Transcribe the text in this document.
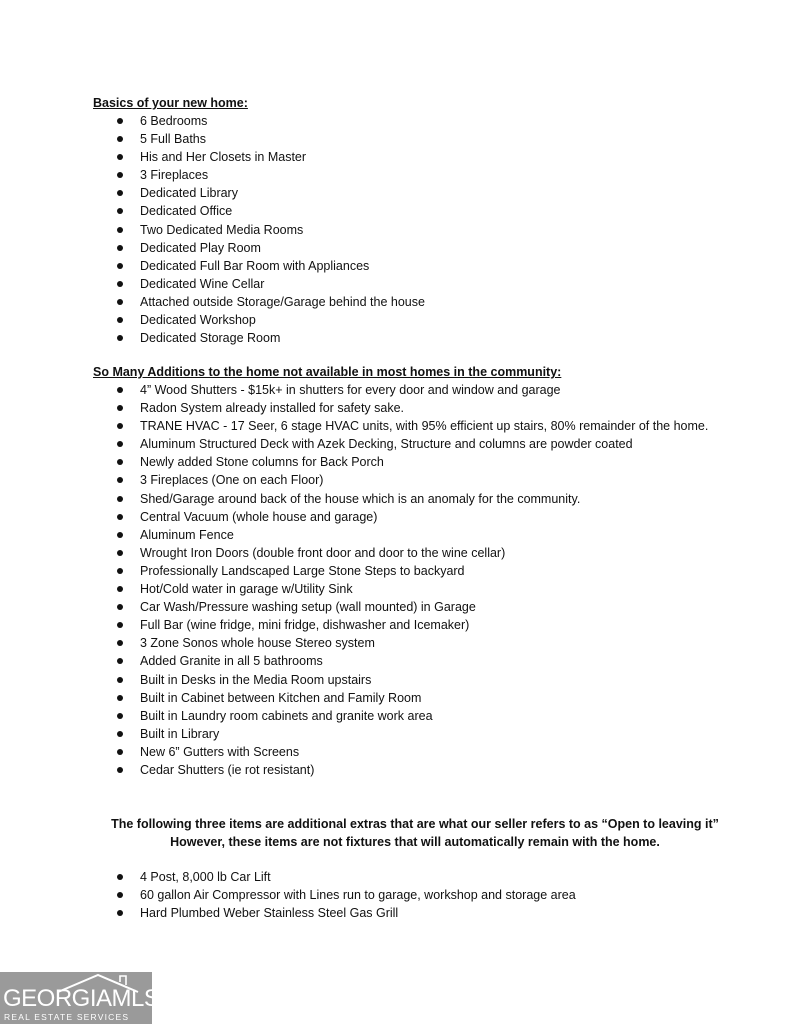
Basics of your new home:

6 Bedrooms
5 Full Baths
His and Her Closets in Master
3 Fireplaces
Dedicated Library
Dedicated Office
Two Dedicated Media Rooms
Dedicated Play Room
Dedicated Full Bar Room with Appliances
Dedicated Wine Cellar
Attached outside Storage/Garage behind the house
Dedicated Workshop
Dedicated Storage Room

So Many Additions to the home not available in most homes in the community:

4” Wood Shutters - $15k+ in shutters for every door and window and garage
Radon System already installed for safety sake.
TRANE HVAC - 17 Seer, 6 stage HVAC units, with 95% efficient up stairs, 80% remainder of the home.
Aluminum Structured Deck with Azek Decking, Structure and columns are powder coated
Newly added Stone columns for Back Porch
3 Fireplaces (One on each Floor)
Shed/Garage around back of the house which is an anomaly for the community.
Central Vacuum (whole house and garage)
Aluminum Fence
Wrought Iron Doors (double front door and door to the wine cellar)
Professionally Landscaped Large Stone Steps to backyard
Hot/Cold water in garage w/Utility Sink
Car Wash/Pressure washing setup (wall mounted) in Garage
Full Bar (wine fridge, mini fridge, dishwasher and Icemaker)
3 Zone Sonos whole house Stereo system
Added Granite in all 5 bathrooms
Built in Desks in the Media Room upstairs
Built in Cabinet between Kitchen and Family Room
Built in Laundry room cabinets and granite work area
Built in Library
New 6” Gutters with Screens
Cedar Shutters (ie rot resistant)
The following three items are additional extras that are what our seller refers to as “Open to leaving it”
However, these items are not fixtures that will automatically remain with the home.
4 Post, 8,000 lb Car Lift
60 gallon Air Compressor with Lines run to garage, workshop and storage area
Hard Plumbed Weber Stainless Steel Gas Grill
GEORGIAMLS
REAL ESTATE SERVICES
